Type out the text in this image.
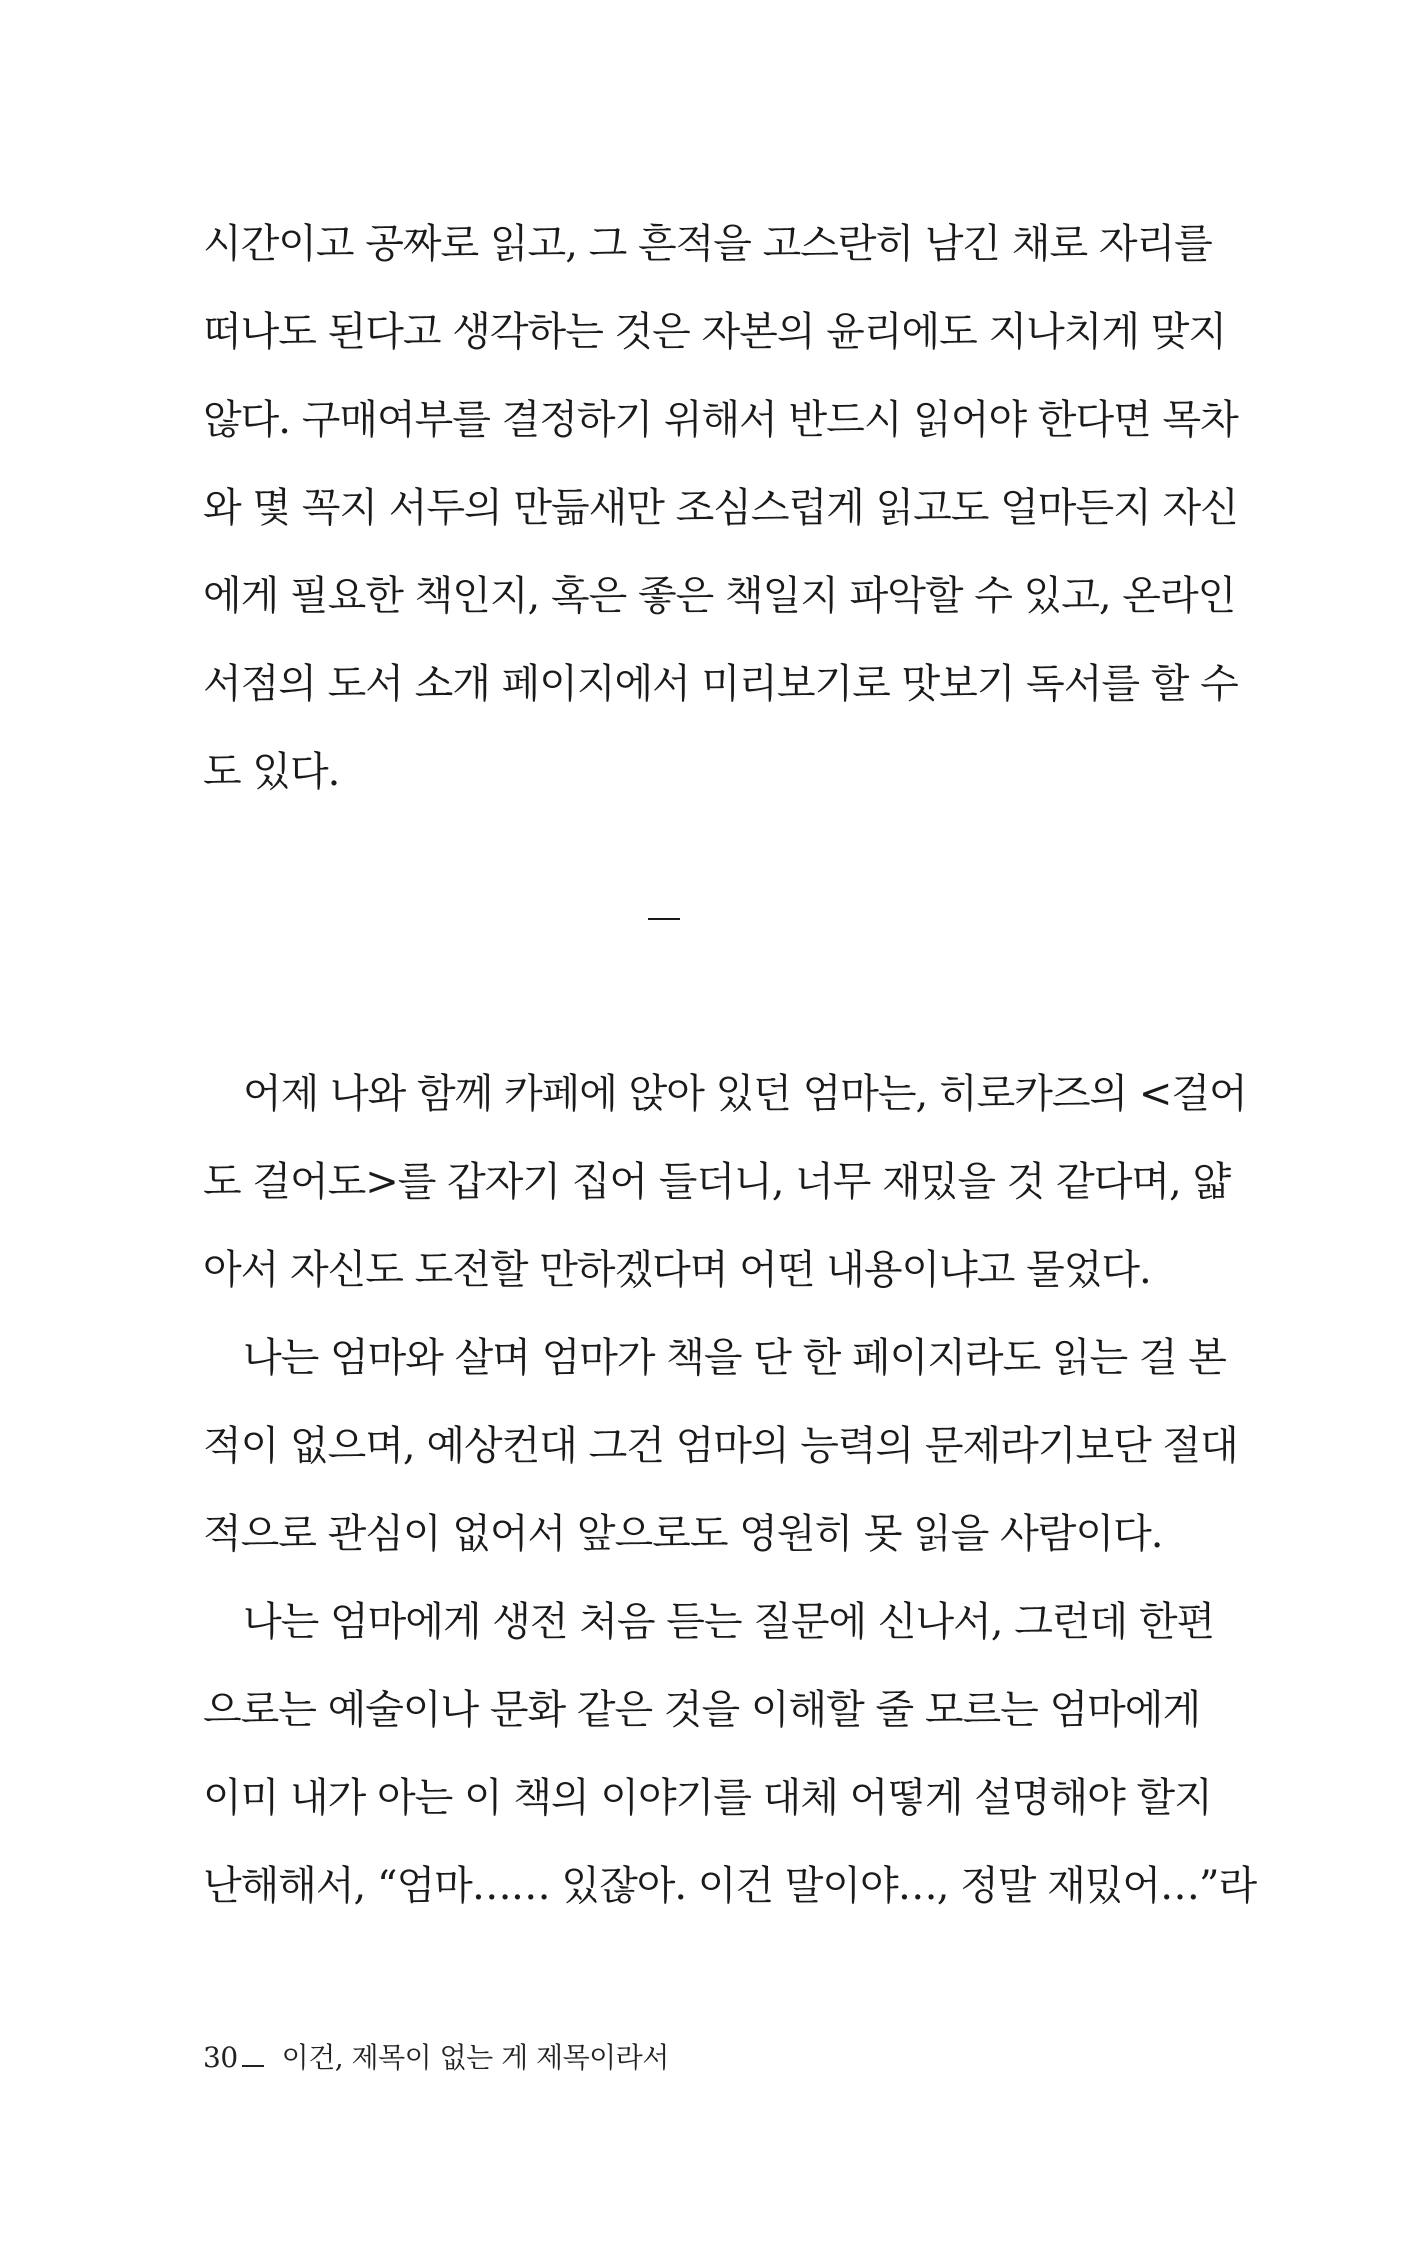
시간이고 공짜로 읽고, 그 흔적을 고스란히 남긴 채로 자리를
떠나도 된다고 생각하는 것은 자본의 윤리에도 지나치게 맞지
않다. 구매여부를 결정하기 위해서 반드시 읽어야 한다면 목차
와 몇 꼭지 서두의 만듦새만 조심스럽게 읽고도 얼마든지 자신
에게 필요한 책인지, 혹은 좋은 책일지 파악할 수 있고, 온라인
서점의 도서 소개 페이지에서 미리보기로 맛보기 독서를 할 수
도 있다.
어제 나와 함께 카페에 앉아 있던 엄마는, 히로카즈의 <걸어
도 걸어도>를 갑자기 집어 들더니, 너무 재밌을 것 같다며, 얇
아서 자신도 도전할 만하겠다며 어떤 내용이냐고 물었다.
나는 엄마와 살며 엄마가 책을 단 한 페이지라도 읽는 걸 본
적이 없으며, 예상컨대 그건 엄마의 능력의 문제라기보단 절대
적으로 관심이 없어서 앞으로도 영원히 못 읽을 사람이다.
나는 엄마에게 생전 처음 듣는 질문에 신나서, 그런데 한편
으로는 예술이나 문화 같은 것을 이해할 줄 모르는 엄마에게
이미 내가 아는 이 책의 이야기를 대체 어떻게 설명해야 할지
난해해서, “엄마…… 있잖아. 이건 말이야…, 정말 재밌어…”라
30 이건, 제목이 없는 게 제목이라서
